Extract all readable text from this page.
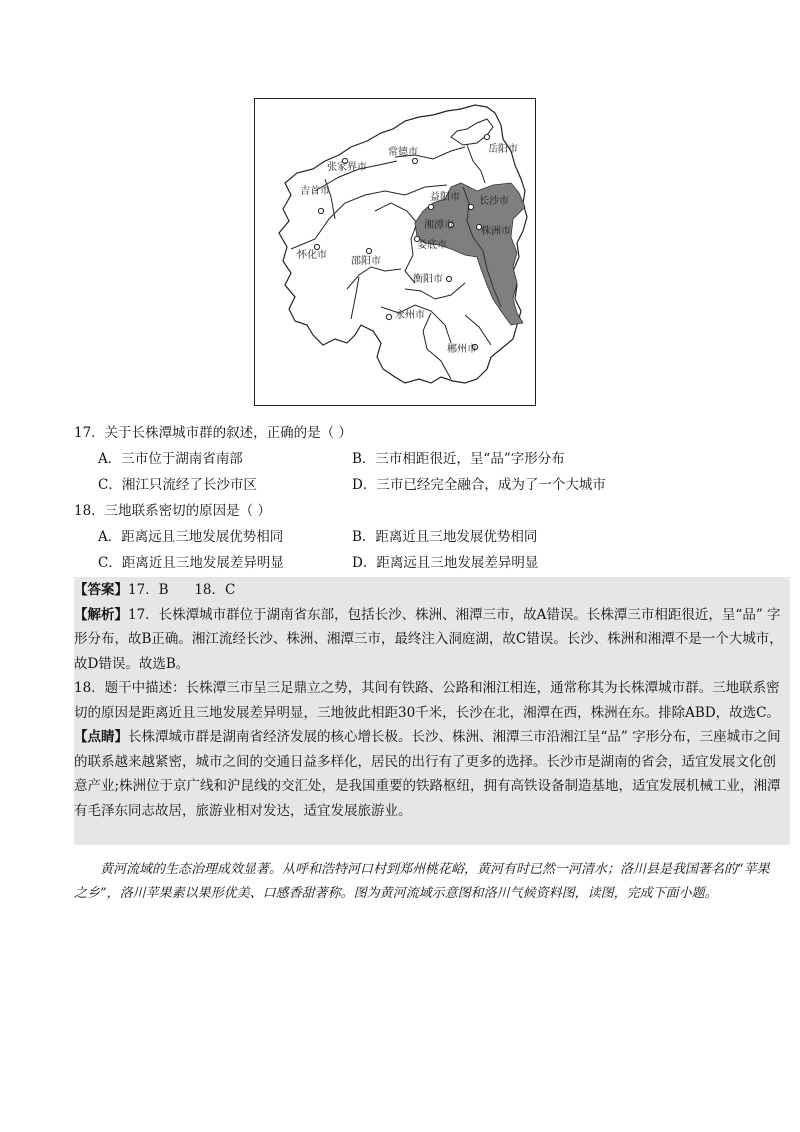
岳阳市
常德市
张家界市
吉首市
益阳市 长沙市
湘潭市
株洲市
娄底市
怀化市
邵阳市
衡阳市
永州市
郴州市
17．关于长株潭城市群的叙述，正确的是（ ）
A．三市位于湖南省南部	B．三市相距很近，呈“品”字形分布
C．湘江只流经了长沙市区	D．三市已经完全融合，成为了一个大城市
18．三地联系密切的原因是（ ）
A．距离远且三地发展优势相同	B．距离近且三地发展优势相同
C．距离近且三地发展差异明显	D．距离远且三地发展差异明显

【答案】17．B      18．C

【解析】17．长株潭城市群位于湖南省东部，包括长沙、株洲、湘潭三市，故A错误。长株潭三市相距很近，呈“品” 字形分布，故B正确。湘江流经长沙、株洲、湘潭三市，最终注入洞庭湖，故C错误。长沙、株洲和湘潭不是一个大城市，故D错误。故选B。

18．题干中描述：长株潭三市呈三足鼎立之势，其间有铁路、公路和湘江相连，通常称其为长株潭城市群。三地联系密切的原因是距离近且三地发展差异明显，三地彼此相距30千米，长沙在北，湘潭在西，株洲在东。排除ABD，故选C。

【点睛】长株潭城市群是湖南省经济发展的核心增长极。长沙、株洲、湘潭三市沿湘江呈“品” 字形分布，三座城市之间的联系越来越紧密，城市之间的交通日益多样化，居民的出行有了更多的选择。长沙市是湖南的省会，适宜发展文化创意产业;株洲位于京广线和沪昆线的交汇处，是我国重要的铁路枢纽，拥有高铁设备制造基地，适宜发展机械工业，湘潭有毛泽东同志故居，旅游业相对发达，适宜发展旅游业。

黄河流域的生态治理成效显著。从呼和浩特河口村到郑州桃花峪，黄河有时已然一河清水；洛川县是我国著名的“苹果之乡”，洛川苹果素以果形优美、口感香甜著称。图为黄河流域示意图和洛川气候资料图，读图，完成下面小题。
